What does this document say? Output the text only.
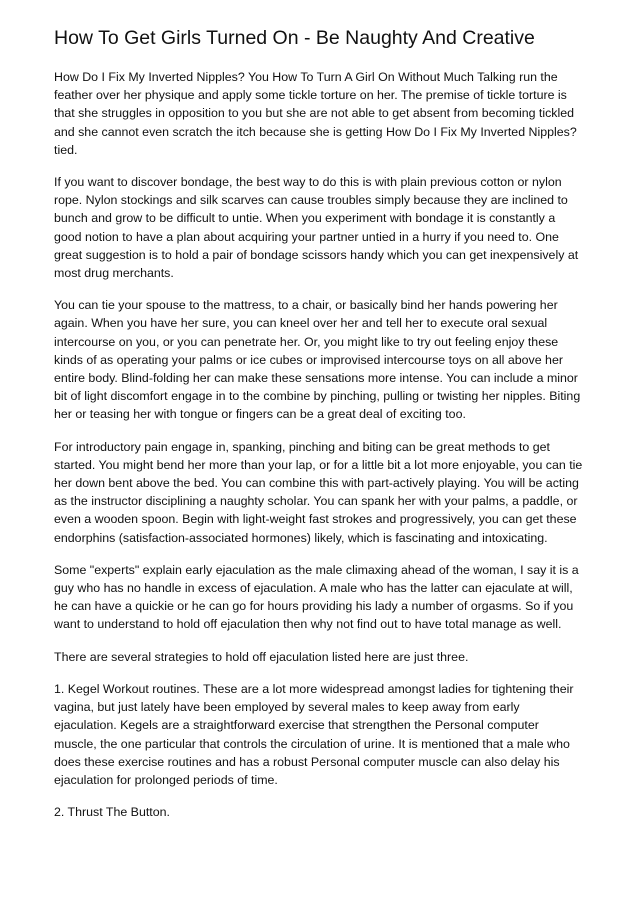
How To Get Girls Turned On - Be Naughty And Creative

How Do I Fix My Inverted Nipples? You How To Turn A Girl On Without Much Talking run the feather over her physique and apply some tickle torture on her. The premise of tickle torture is that she struggles in opposition to you but she are not able to get absent from becoming tickled and she cannot even scratch the itch because she is getting How Do I Fix My Inverted Nipples? tied.

If you want to discover bondage, the best way to do this is with plain previous cotton or nylon rope. Nylon stockings and silk scarves can cause troubles simply because they are inclined to bunch and grow to be difficult to untie. When you experiment with bondage it is constantly a good notion to have a plan about acquiring your partner untied in a hurry if you need to. One great suggestion is to hold a pair of bondage scissors handy which you can get inexpensively at most drug merchants.

You can tie your spouse to the mattress, to a chair, or basically bind her hands powering her again. When you have her sure, you can kneel over her and tell her to execute oral sexual intercourse on you, or you can penetrate her. Or, you might like to try out feeling enjoy these kinds of as operating your palms or ice cubes or improvised intercourse toys on all above her entire body. Blind-folding her can make these sensations more intense. You can include a minor bit of light discomfort engage in to the combine by pinching, pulling or twisting her nipples. Biting her or teasing her with tongue or fingers can be a great deal of exciting too.

For introductory pain engage in, spanking, pinching and biting can be great methods to get started. You might bend her more than your lap, or for a little bit a lot more enjoyable, you can tie her down bent above the bed. You can combine this with part-actively playing. You will be acting as the instructor disciplining a naughty scholar. You can spank her with your palms, a paddle, or even a wooden spoon. Begin with light-weight fast strokes and progressively, you can get these endorphins (satisfaction-associated hormones) likely, which is fascinating and intoxicating.

Some "experts" explain early ejaculation as the male climaxing ahead of the woman, I say it is a guy who has no handle in excess of ejaculation. A male who has the latter can ejaculate at will, he can have a quickie or he can go for hours providing his lady a number of orgasms. So if you want to understand to hold off ejaculation then why not find out to have total manage as well.

There are several strategies to hold off ejaculation listed here are just three.

1. Kegel Workout routines. These are a lot more widespread amongst ladies for tightening their vagina, but just lately have been employed by several males to keep away from early ejaculation. Kegels are a straightforward exercise that strengthen the Personal computer muscle, the one particular that controls the circulation of urine. It is mentioned that a male who does these exercise routines and has a robust Personal computer muscle can also delay his ejaculation for prolonged periods of time.

2. Thrust The Button.
